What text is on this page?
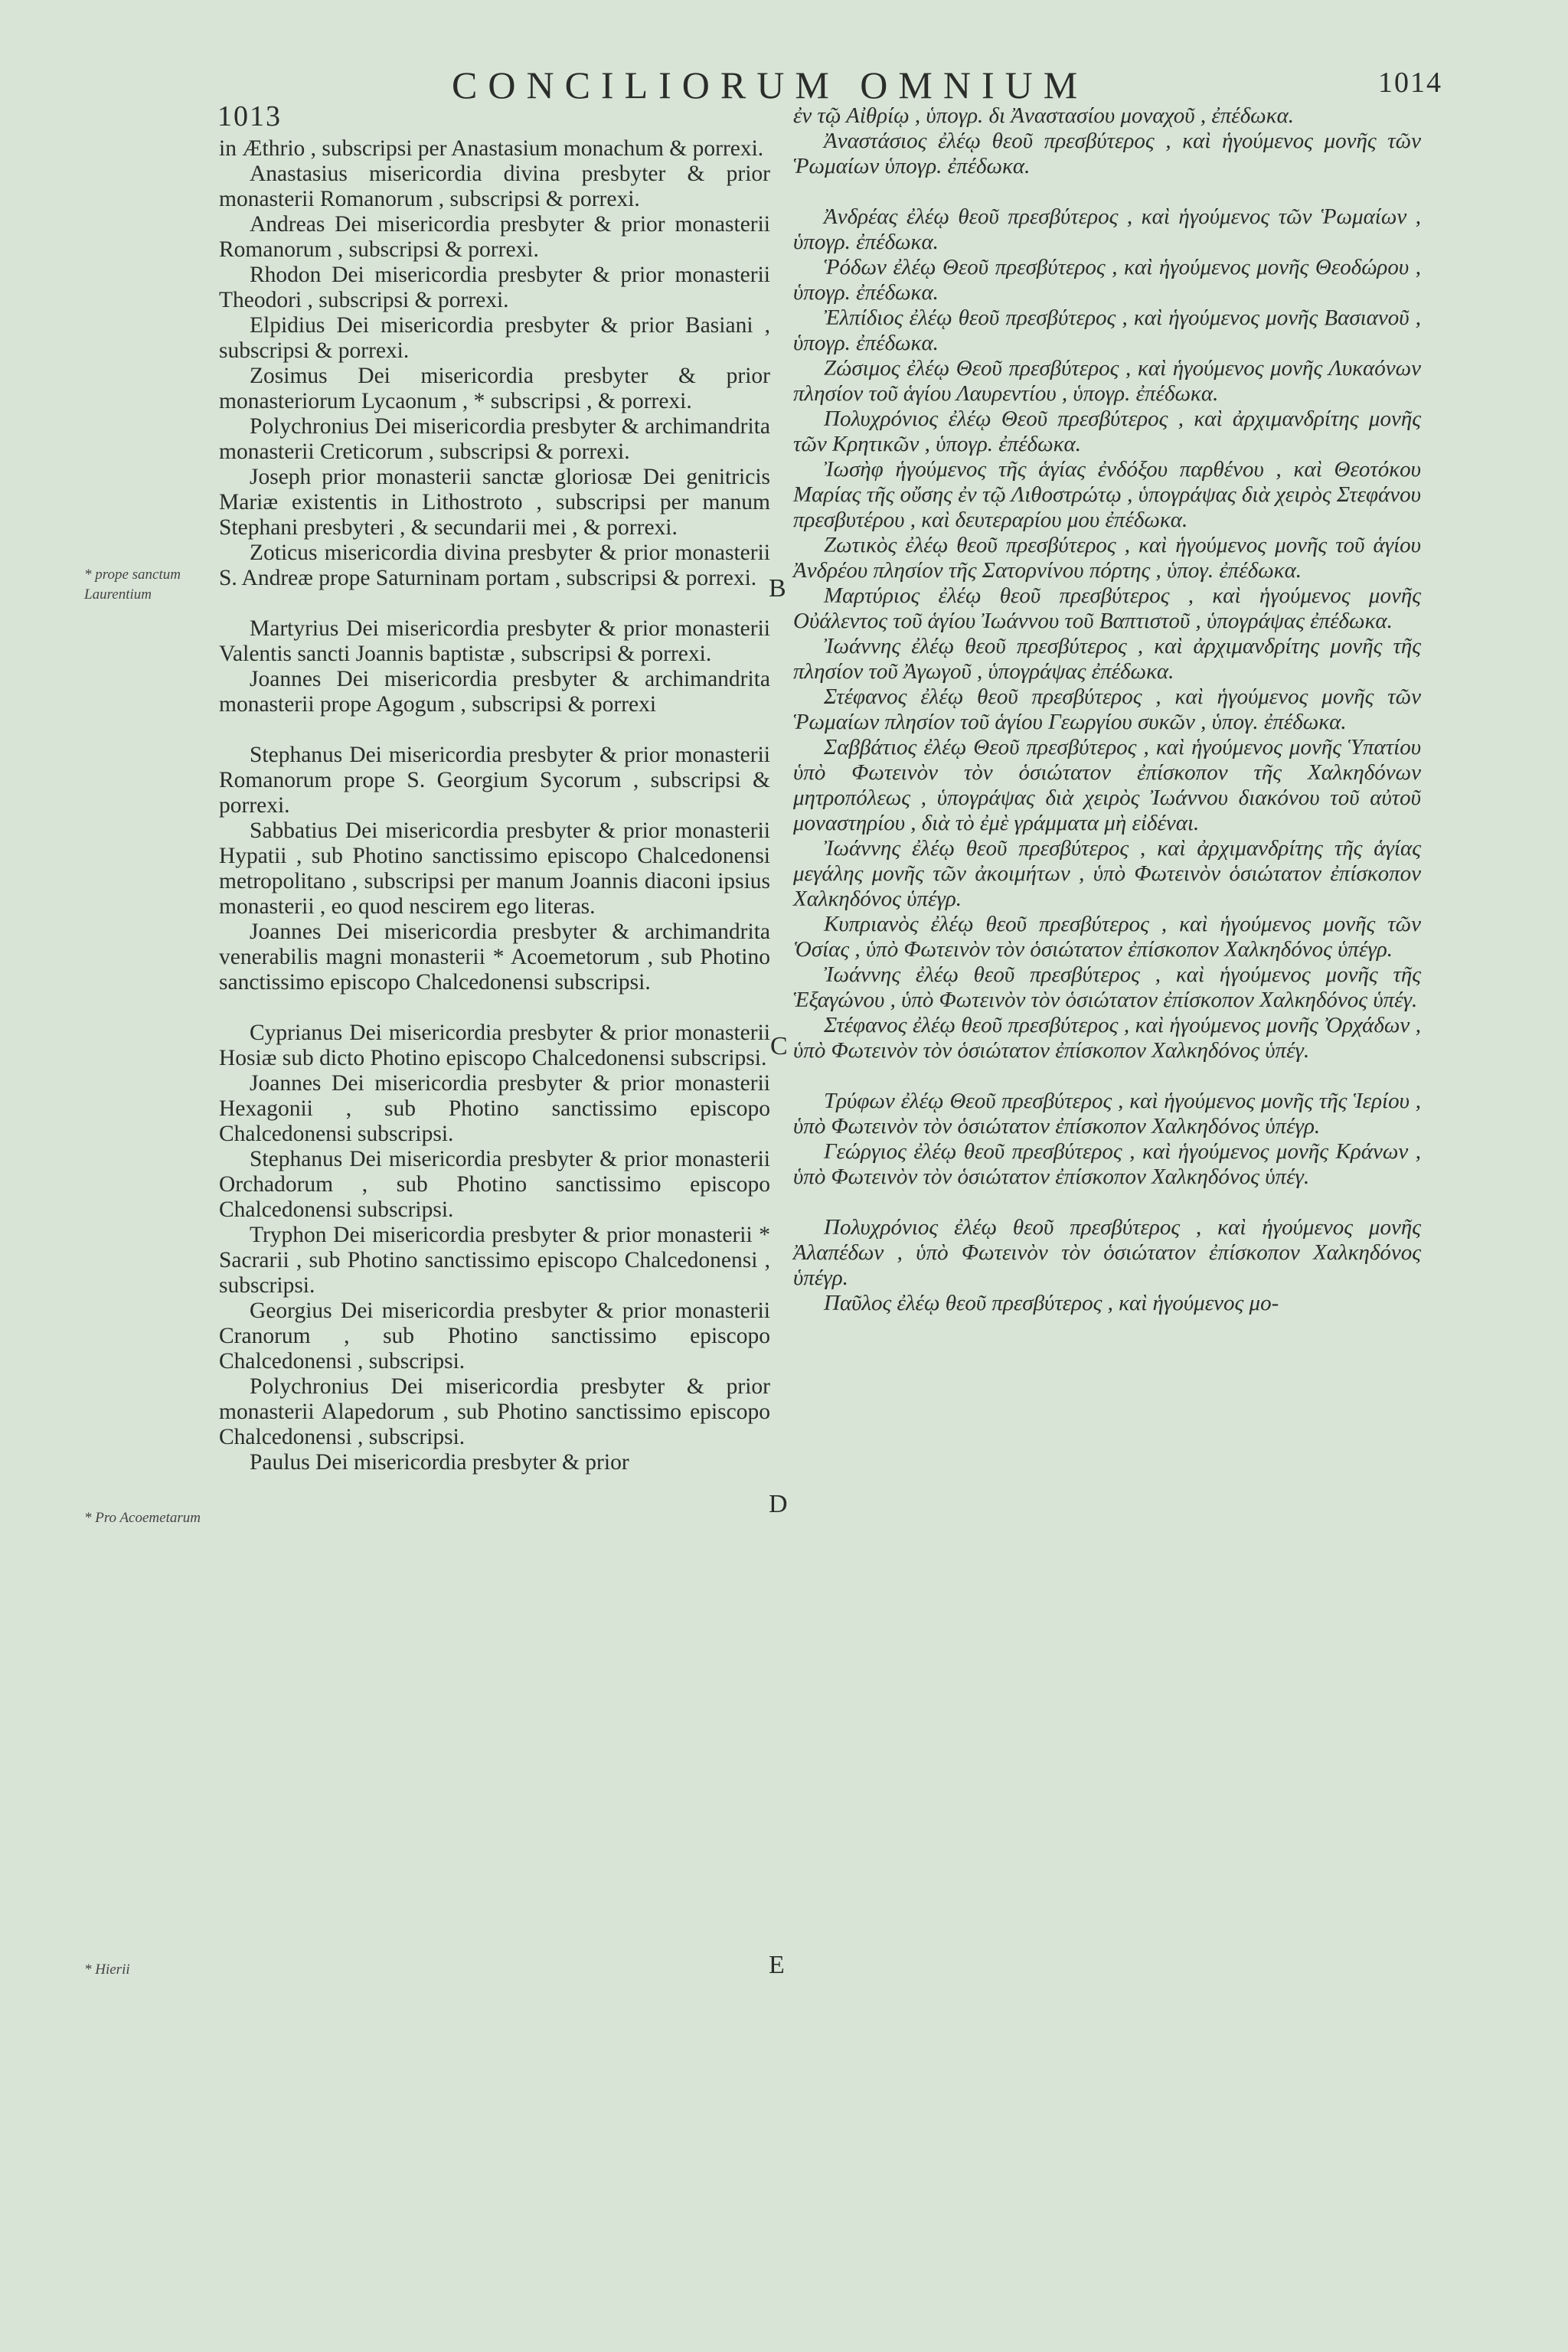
1013
CONCILIORUM OMNIUM	1014
* prope sanctum Laurentium
* Pro Acoemetarum
* Hierii
B
C
D
E

in Æthrio , subscripsi per Anastasium monachum & porrexi.

Anastasius misericordia divina presbyter & prior monasterii Romanorum , subscripsi & porrexi.

Andreas Dei misericordia presbyter & prior monasterii Romanorum , subscripsi & porrexi.

Rhodon Dei misericordia presbyter & prior monasterii Theodori , subscripsi & porrexi.

Elpidius Dei misericordia presbyter & prior Basiani , subscripsi & porrexi.

Zosimus Dei misericordia presbyter & prior monasteriorum Lycaonum , * subscripsi , & porrexi.

Polychronius Dei misericordia presbyter & archimandrita monasterii Creticorum , subscripsi & porrexi.

Joseph prior monasterii sanctæ gloriosæ Dei genitricis Mariæ existentis in Lithostroto , subscripsi per manum Stephani presbyteri , & secundarii mei , & porrexi.

Zoticus misericordia divina presbyter & prior monasterii S. Andreæ prope Saturninam portam , subscripsi & porrexi.

Martyrius Dei misericordia presbyter & prior monasterii Valentis sancti Joannis baptistæ , subscripsi & porrexi.

Joannes Dei misericordia presbyter & archimandrita monasterii prope Agogum , subscripsi & porrexi

Stephanus Dei misericordia presbyter & prior monasterii Romanorum prope S. Georgium Sycorum , subscripsi & porrexi.

Sabbatius Dei misericordia presbyter & prior monasterii Hypatii , sub Photino sanctissimo episcopo Chalcedonensi metropolitano , subscripsi per manum Joannis diaconi ipsius monasterii , eo quod nescirem ego literas.

Joannes Dei misericordia presbyter & archimandrita venerabilis magni monasterii * Acoemetorum , sub Photino sanctissimo episcopo Chalcedonensi subscripsi.

Cyprianus Dei misericordia presbyter & prior monasterii Hosiæ sub dicto Photino episcopo Chalcedonensi subscripsi.

Joannes Dei misericordia presbyter & prior monasterii Hexagonii , sub Photino sanctissimo episcopo Chalcedonensi subscripsi.

Stephanus Dei misericordia presbyter & prior monasterii Orchadorum , sub Photino sanctissimo episcopo Chalcedonensi subscripsi.

Tryphon Dei misericordia presbyter & prior monasterii * Sacrarii , sub Photino sanctissimo episcopo Chalcedonensi , subscripsi.

Georgius Dei misericordia presbyter & prior monasterii Cranorum , sub Photino sanctissimo episcopo Chalcedonensi , subscripsi.

Polychronius Dei misericordia presbyter & prior monasterii Alapedorum , sub Photino sanctissimo episcopo Chalcedonensi , subscripsi.

Paulus Dei misericordia presbyter & prior

ἐν τῷ Αἰθρίῳ , ὑπογρ. δι Ἀναστασίου μοναχοῦ , ἐπέδωκα.

Ἀναστάσιος ἐλέῳ θεοῦ πρεσβύτερος , καὶ ἡγούμενος μονῆς τῶν Ῥωμαίων ὑπογρ. ἐπέδωκα.

Ἀνδρέας ἐλέῳ θεοῦ πρεσβύτερος , καὶ ἡγούμενος τῶν Ῥωμαίων , ὑπογρ. ἐπέδωκα.

Ῥόδων ἐλέῳ Θεοῦ πρεσβύτερος , καὶ ἡγούμενος μονῆς Θεοδώρου , ὑπογρ. ἐπέδωκα.

Ἐλπίδιος ἐλέῳ θεοῦ πρεσβύτερος , καὶ ἡγούμενος μονῆς Βασιανοῦ , ὑπογρ. ἐπέδωκα.

Ζώσιμος ἐλέῳ Θεοῦ πρεσβύτερος , καὶ ἡγούμενος μονῆς Λυκαόνων πλησίον τοῦ ἁγίου Λαυρεντίου , ὑπογρ. ἐπέδωκα.

Πολυχρόνιος ἐλέῳ Θεοῦ πρεσβύτερος , καὶ ἀρχιμανδρίτης μονῆς τῶν Κρητικῶν , ὑπογρ. ἐπέδωκα.

Ἰωσὴφ ἡγούμενος τῆς ἁγίας ἐνδόξου παρθένου , καὶ Θεοτόκου Μαρίας τῆς οὔσης ἐν τῷ Λιθοστρώτῳ , ὑπογράψας διὰ χειρὸς Στεφάνου πρεσβυτέρου , καὶ δευτεραρίου μου ἐπέδωκα.

Ζωτικὸς ἐλέῳ θεοῦ πρεσβύτερος , καὶ ἡγούμενος μονῆς τοῦ ἁγίου Ἀνδρέου πλησίον τῆς Σατορνίνου πόρτης , ὑπογ. ἐπέδωκα.

Μαρτύριος ἐλέῳ θεοῦ πρεσβύτερος , καὶ ἡγούμενος μονῆς Οὐάλεντος τοῦ ἁγίου Ἰωάννου τοῦ Βαπτιστοῦ , ὑπογράψας ἐπέδωκα.

Ἰωάννης ἐλέῳ θεοῦ πρεσβύτερος , καὶ ἀρχιμανδρίτης μονῆς τῆς πλησίον τοῦ Ἀγωγοῦ , ὑπογράψας ἐπέδωκα.

Στέφανος ἐλέῳ θεοῦ πρεσβύτερος , καὶ ἡγούμενος μονῆς τῶν Ῥωμαίων πλησίον τοῦ ἁγίου Γεωργίου συκῶν , ὑπογ. ἐπέδωκα.

Σαββάτιος ἐλέῳ Θεοῦ πρεσβύτερος , καὶ ἡγούμενος μονῆς Ὑπατίου ὑπὸ Φωτεινὸν τὸν ὁσιώτατον ἐπίσκοπον τῆς Χαλκηδόνων μητροπόλεως , ὑπογράψας διὰ χειρὸς Ἰωάννου διακόνου τοῦ αὐτοῦ μοναστηρίου , διὰ τὸ ἐμὲ γράμματα μὴ εἰδέναι.

Ἰωάννης ἐλέῳ θεοῦ πρεσβύτερος , καὶ ἀρχιμανδρίτης τῆς ἁγίας μεγάλης μονῆς τῶν ἀκοιμήτων , ὑπὸ Φωτεινὸν ὁσιώτατον ἐπίσκοπον Χαλκηδόνος ὑπέγρ.

Κυπριανὸς ἐλέῳ θεοῦ πρεσβύτερος , καὶ ἡγούμενος μονῆς τῶν Ὁσίας , ὑπὸ Φωτεινὸν τὸν ὁσιώτατον ἐπίσκοπον Χαλκηδόνος ὑπέγρ.

Ἰωάννης ἐλέῳ θεοῦ πρεσβύτερος , καὶ ἡγούμενος μονῆς τῆς Ἑξαγώνου , ὑπὸ Φωτεινὸν τὸν ὁσιώτατον ἐπίσκοπον Χαλκηδόνος ὑπέγ.

Στέφανος ἐλέῳ θεοῦ πρεσβύτερος , καὶ ἡγούμενος μονῆς Ὀρχάδων , ὑπὸ Φωτεινὸν τὸν ὁσιώτατον ἐπίσκοπον Χαλκηδόνος ὑπέγ.

Τρύφων ἐλέῳ Θεοῦ πρεσβύτερος , καὶ ἡγούμενος μονῆς τῆς Ἱερίου , ὑπὸ Φωτεινὸν τὸν ὁσιώτατον ἐπίσκοπον Χαλκηδόνος ὑπέγρ.

Γεώργιος ἐλέῳ θεοῦ πρεσβύτερος , καὶ ἡγούμενος μονῆς Κράνων , ὑπὸ Φωτεινὸν τὸν ὁσιώτατον ἐπίσκοπον Χαλκηδόνος ὑπέγ.

Πολυχρόνιος ἐλέῳ θεοῦ πρεσβύτερος , καὶ ἡγούμενος μονῆς Ἀλαπέδων , ὑπὸ Φωτεινὸν τὸν ὁσιώτατον ἐπίσκοπον Χαλκηδόνος ὑπέγρ.

Παῦλος ἐλέῳ θεοῦ πρεσβύτερος , καὶ ἡγούμενος μο-
